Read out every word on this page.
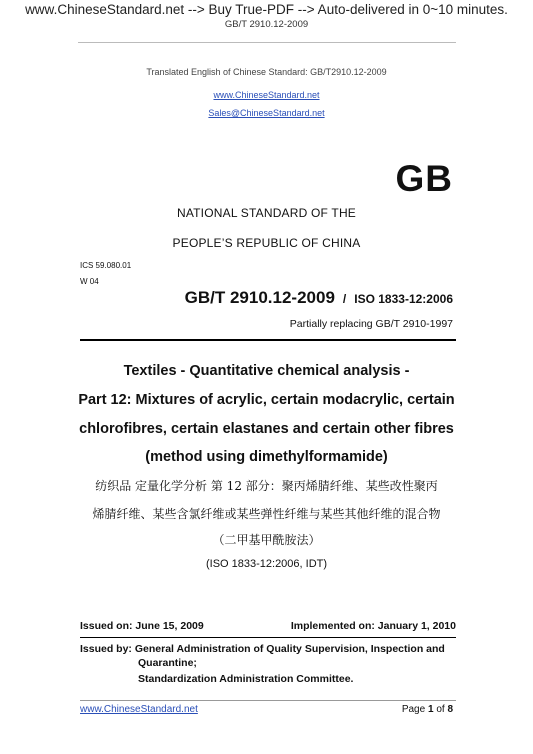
www.ChineseStandard.net --> Buy True-PDF --> Auto-delivered in 0~10 minutes.
GB/T 2910.12-2009
Translated English of Chinese Standard: GB/T2910.12-2009
www.ChineseStandard.net
Sales@ChineseStandard.net
GB
NATIONAL STANDARD OF THE
PEOPLE’S REPUBLIC OF CHINA
ICS 59.080.01
W 04
GB/T 2910.12-2009 / ISO 1833-12:2006
Partially replacing GB/T 2910-1997
Textiles - Quantitative chemical analysis -
Part 12: Mixtures of acrylic, certain modacrylic, certain
chlorofibres, certain elastanes and certain other fibres
(method using dimethylformamide)
纺织品 定量化学分析 第 12 部分：聚丙烯腈纤维、某些改性聚丙
烯腈纤维、某些含氯纤维或某些弹性纤维与某些其他纤维的混合物
（二甲基甲酰胺法）
(ISO 1833-12:2006, IDT)
Issued on: June 15, 2009	Implemented on: January 1, 2010
Issued by: General Administration of Quality Supervision, Inspection and
Quarantine;
Standardization Administration Committee.
www.ChineseStandard.net	Page 1 of 8
